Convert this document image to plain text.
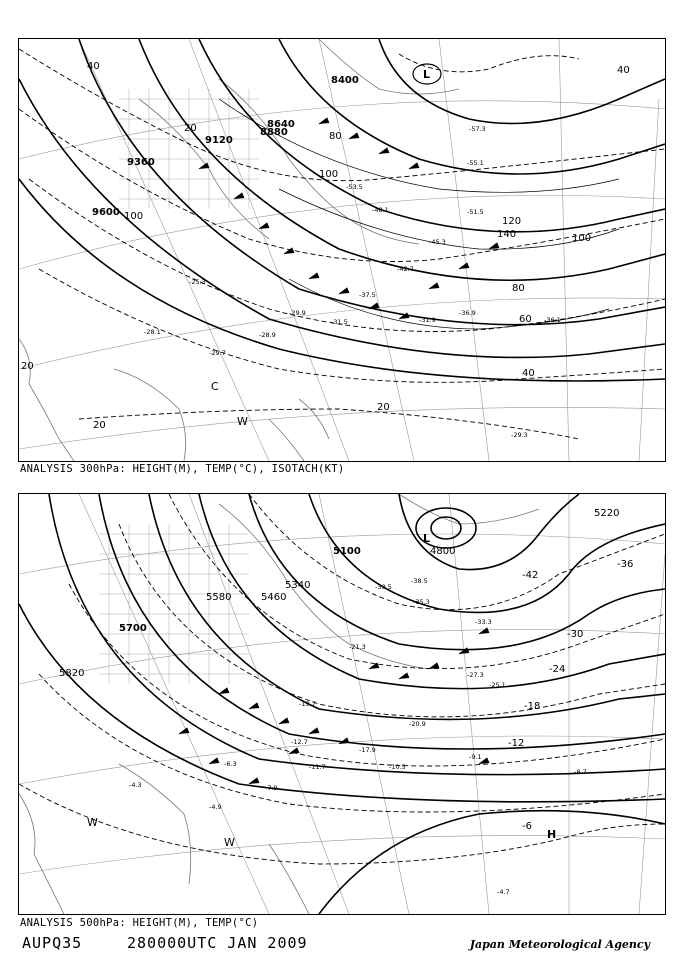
8400
8640
8880
9120
9360
9600
40
20
80
100
120
140	100
80
60
40
20
20
100
40
20
L
C
W
-55.1
-57.3
-53.5
-51.5
-48.1
-45.3
-42.7
-37.5
-36.9
-36.1
-31.9
-31.5
-29.9
-28.9
-29.7
-28.1
-25.3
-29.3
ANALYSIS 300hPa: HEIGHT(M), TEMP(°C), ISOTACH(KT)
5100	4800
5220
5340
5460
5580
5700
5820
-36
-42
-30
-24
-18
-12
-6
L
H
W
W
-39.5
-38.5
-35.3
-33.3
-27.3
-25.1
-21.3
-20.9
-19.7
-17.9
-12.7
-11.7	-10.5
-9.1
-8.7
-7.9
-6.3
-4.9
-4.3
-4.7
ANALYSIS 500hPa: HEIGHT(M), TEMP(°C)
AUPQ35	280000UTC JAN 2009	Japan Meteorological Agency
